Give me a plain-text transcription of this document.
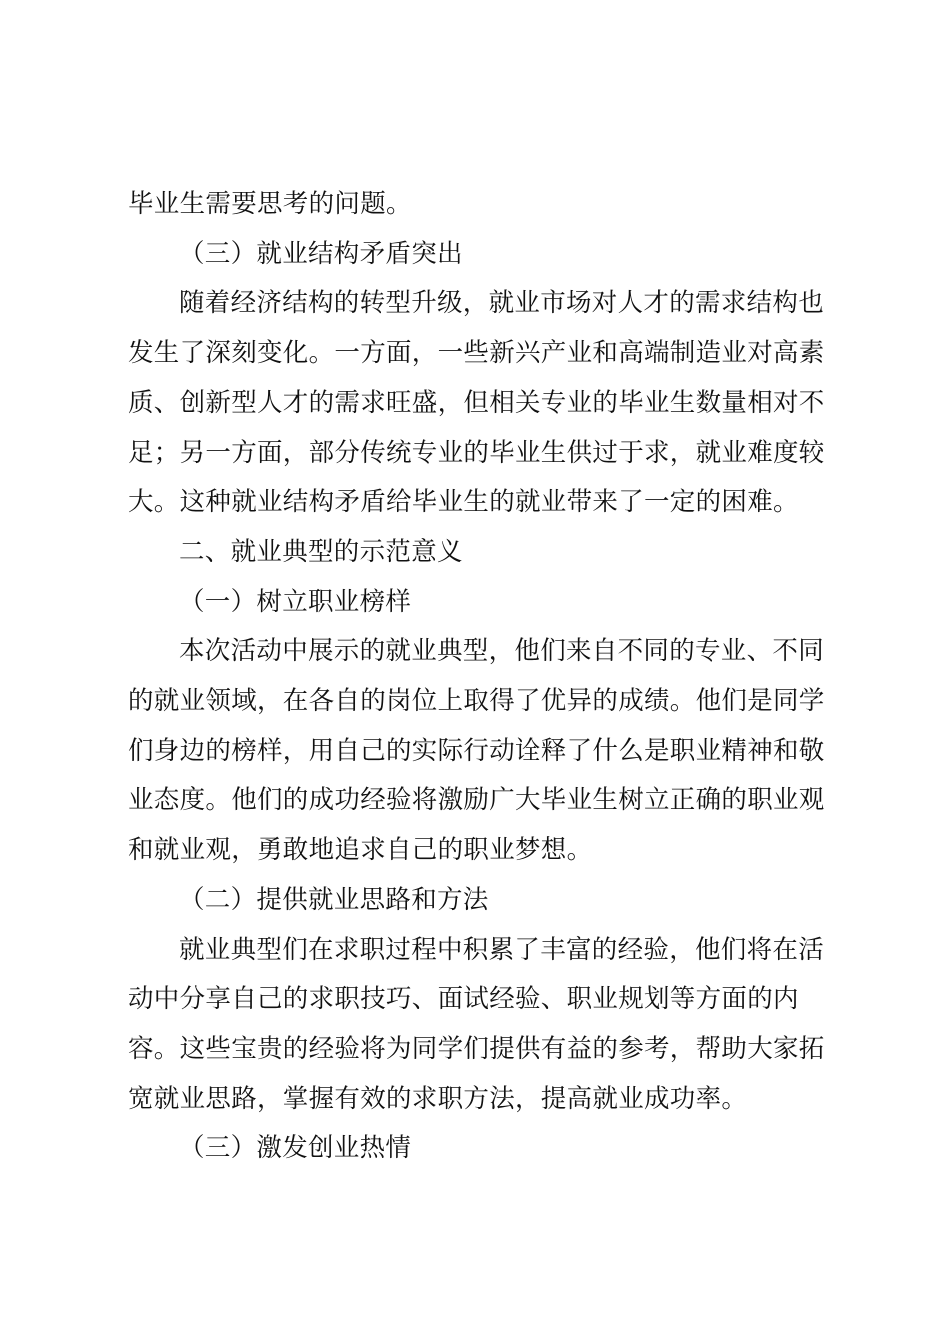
毕业生需要思考的问题。

（三）就业结构矛盾突出

随着经济结构的转型升级，就业市场对人才的需求结构也发生了深刻变化。一方面，一些新兴产业和高端制造业对高素质、创新型人才的需求旺盛，但相关专业的毕业生数量相对不足；另一方面，部分传统专业的毕业生供过于求，就业难度较大。这种就业结构矛盾给毕业生的就业带来了一定的困难。

二、就业典型的示范意义

（一）树立职业榜样

本次活动中展示的就业典型，他们来自不同的专业、不同的就业领域，在各自的岗位上取得了优异的成绩。他们是同学们身边的榜样，用自己的实际行动诠释了什么是职业精神和敬业态度。他们的成功经验将激励广大毕业生树立正确的职业观和就业观，勇敢地追求自己的职业梦想。

（二）提供就业思路和方法

就业典型们在求职过程中积累了丰富的经验，他们将在活动中分享自己的求职技巧、面试经验、职业规划等方面的内容。这些宝贵的经验将为同学们提供有益的参考，帮助大家拓宽就业思路，掌握有效的求职方法，提高就业成功率。

（三）激发创业热情
